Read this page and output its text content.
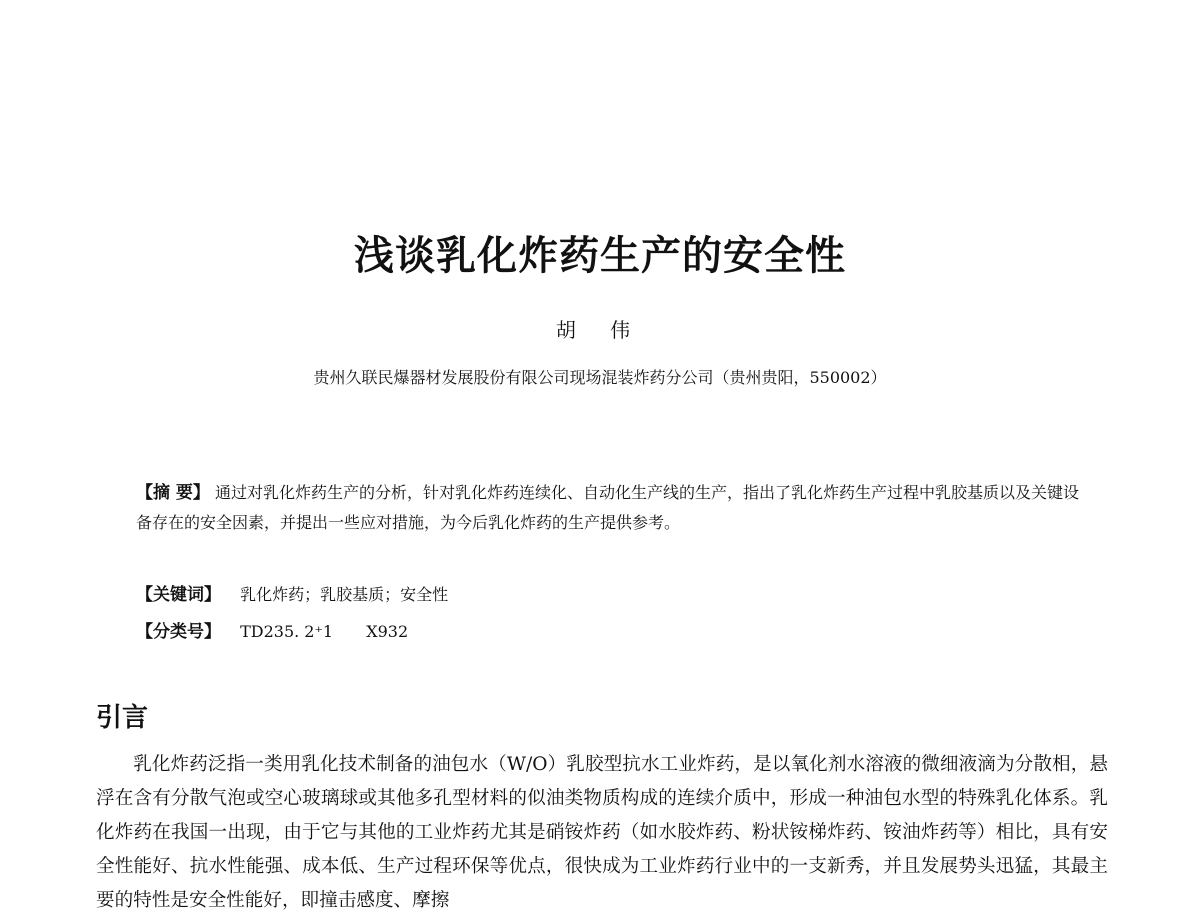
浅谈乳化炸药生产的安全性
胡 伟
贵州久联民爆器材发展股份有限公司现场混装炸药分公司（贵州贵阳，550002）
【摘 要】 通过对乳化炸药生产的分析，针对乳化炸药连续化、自动化生产线的生产，指出了乳化炸药生产过程中乳胶基质以及关键设备存在的安全因素，并提出一些应对措施，为今后乳化炸药的生产提供参考。
【关键词】 乳化炸药；乳胶基质；安全性
【分类号】 TD235. 2⁺1 X932
引言
乳化炸药泛指一类用乳化技术制备的油包水（W/O）乳胶型抗水工业炸药，是以氧化剂水溶液的微细液滴为分散相，悬浮在含有分散气泡或空心玻璃球或其他多孔型材料的似油类物质构成的连续介质中，形成一种油包水型的特殊乳化体系。乳化炸药在我国一出现，由于它与其他的工业炸药尤其是硝铵炸药（如水胶炸药、粉状铵梯炸药、铵油炸药等）相比，具有安全性能好、抗水性能强、成本低、生产过程环保等优点，很快成为工业炸药行业中的一支新秀，并且发展势头迅猛，其最主要的特性是安全性能好，即撞击感度、摩擦
